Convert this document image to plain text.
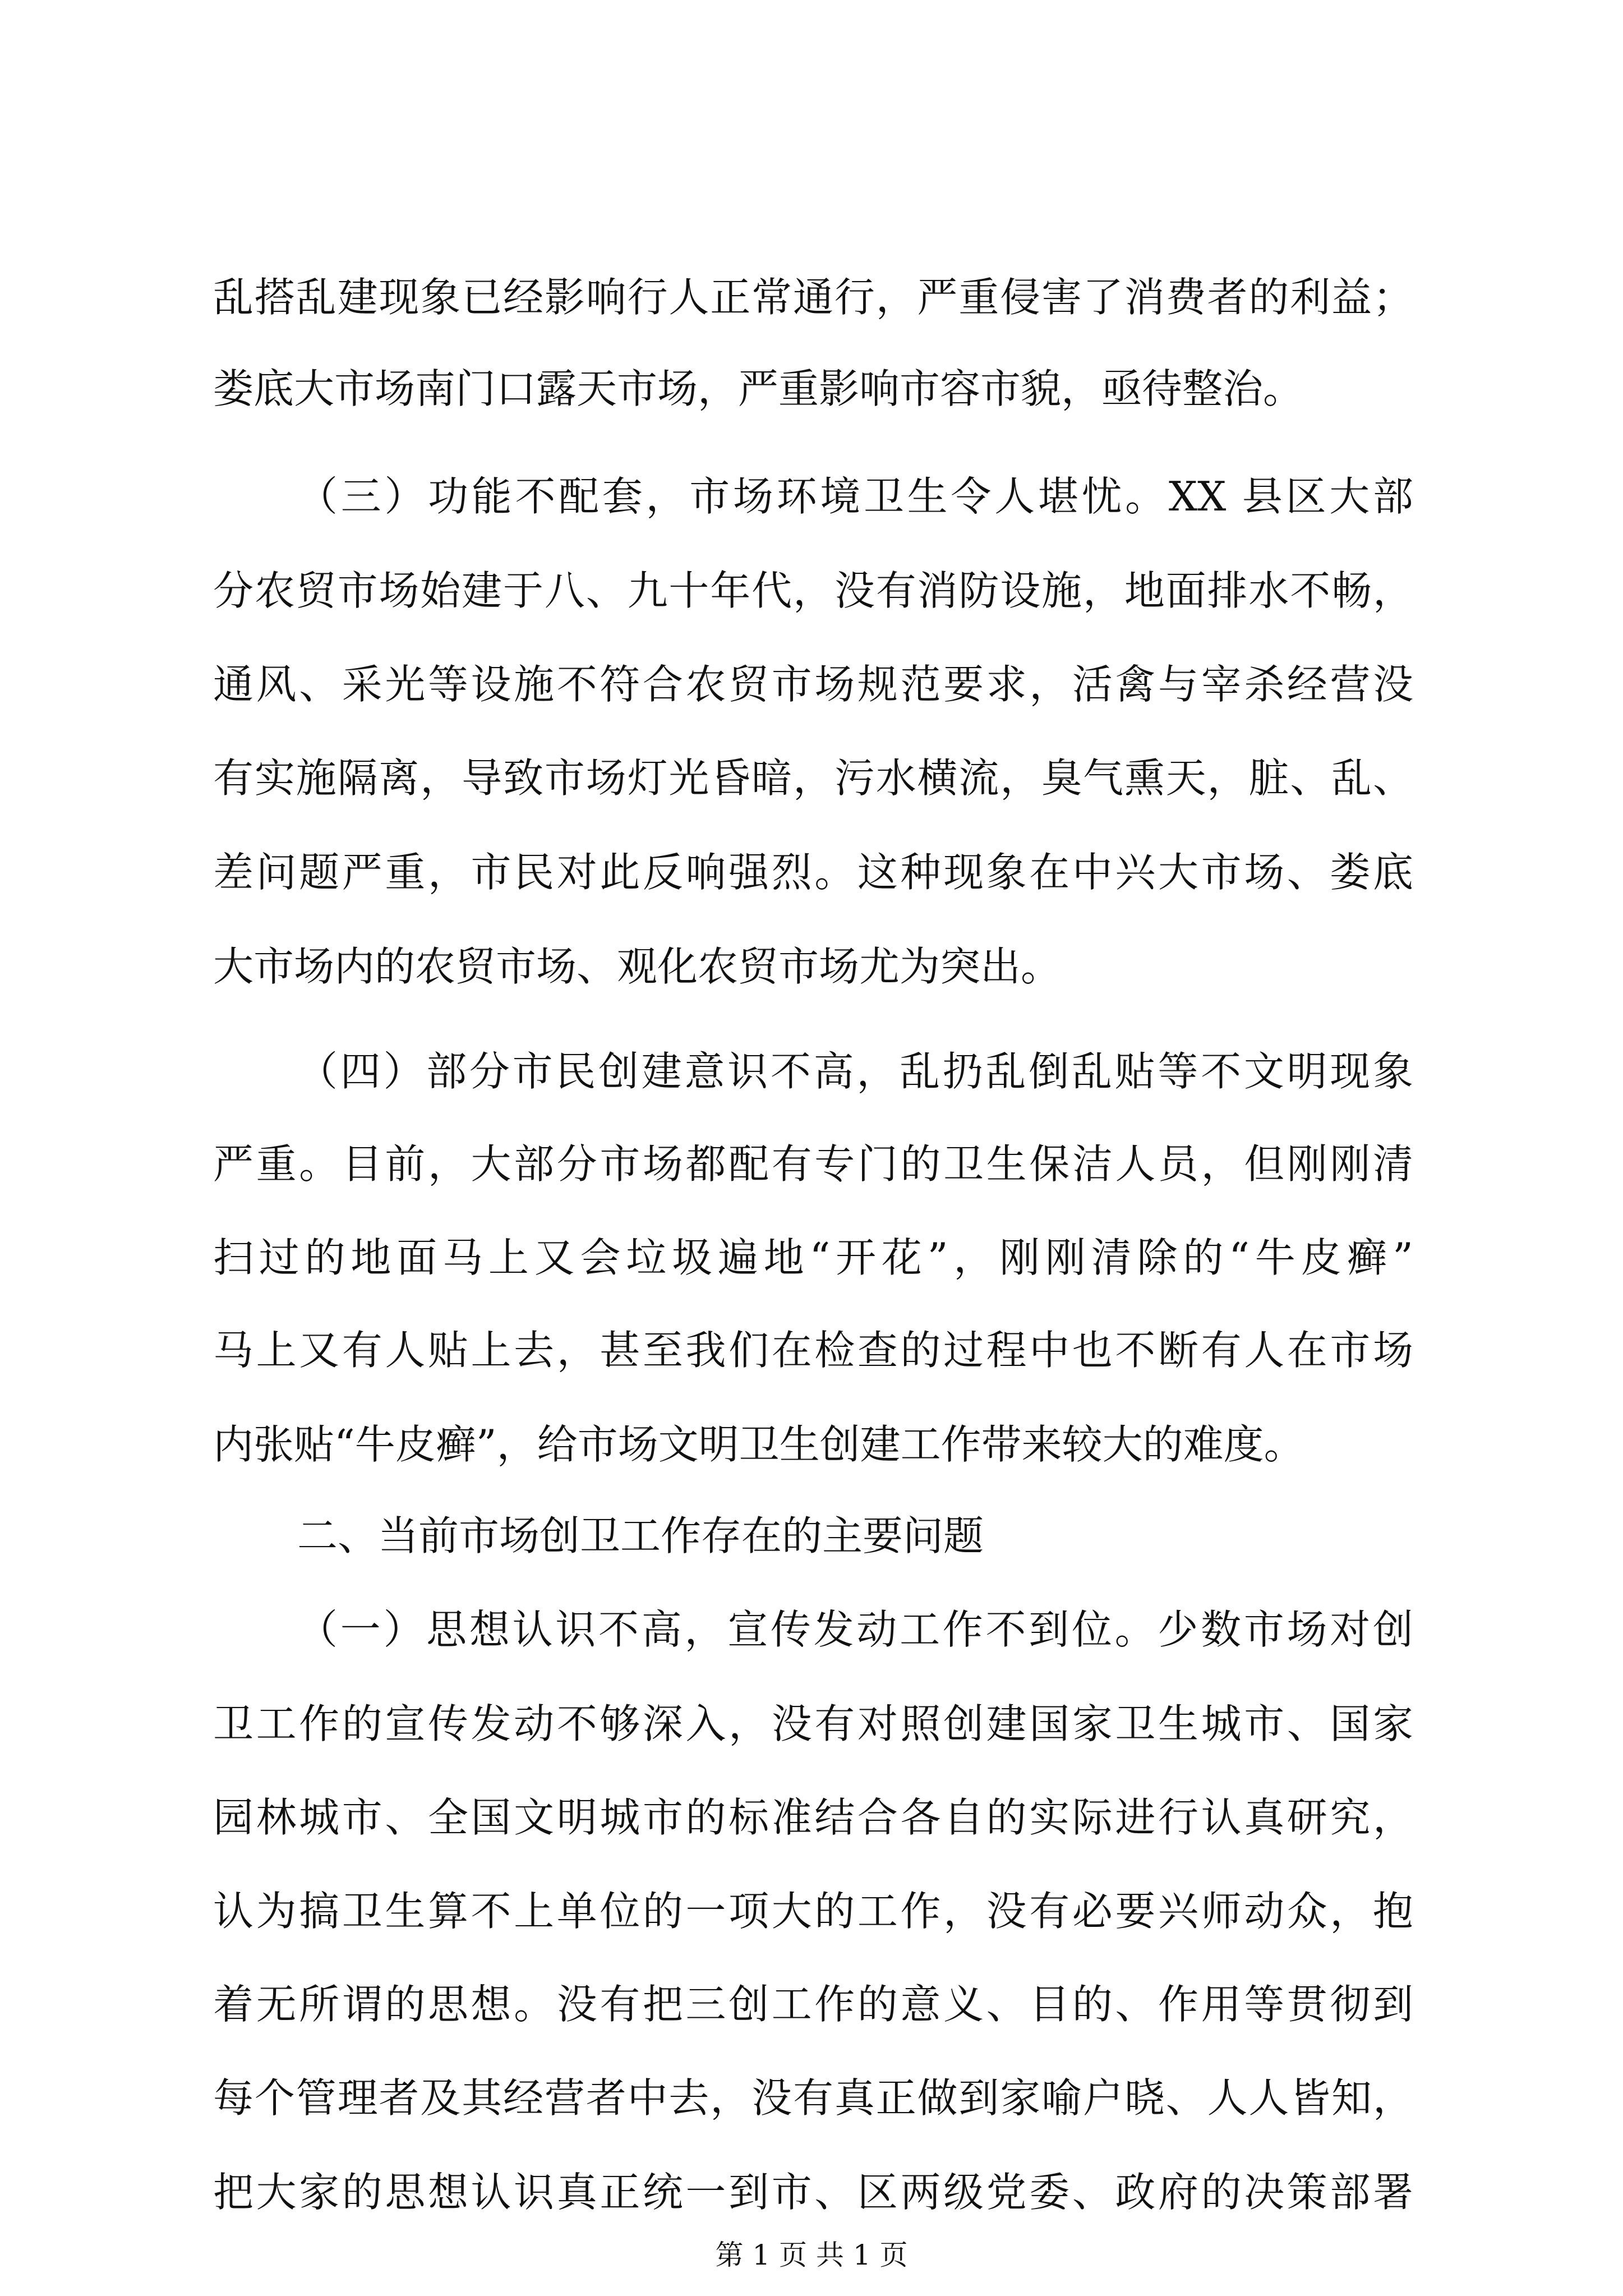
乱搭乱建现象已经影响行人正常通行，严重侵害了消费者的利益；
娄底大市场南门口露天市场，严重影响市容市貌，亟待整治。
（三）功能不配套，市场环境卫生令人堪忧。XX 县区大部
分农贸市场始建于八、九十年代，没有消防设施，地面排水不畅，
通风、采光等设施不符合农贸市场规范要求，活禽与宰杀经营没
有实施隔离，导致市场灯光昏暗，污水横流，臭气熏天，脏、乱、
差问题严重，市民对此反响强烈。这种现象在中兴大市场、娄底
大市场内的农贸市场、观化农贸市场尤为突出。
（四）部分市民创建意识不高，乱扔乱倒乱贴等不文明现象
严重。目前，大部分市场都配有专门的卫生保洁人员，但刚刚清
扫过的地面马上又会垃圾遍地“开花”，刚刚清除的“牛皮癣”
马上又有人贴上去，甚至我们在检查的过程中也不断有人在市场
内张贴“牛皮癣”，给市场文明卫生创建工作带来较大的难度。
二、当前市场创卫工作存在的主要问题
（一）思想认识不高，宣传发动工作不到位。少数市场对创
卫工作的宣传发动不够深入，没有对照创建国家卫生城市、国家
园林城市、全国文明城市的标准结合各自的实际进行认真研究，
认为搞卫生算不上单位的一项大的工作，没有必要兴师动众，抱
着无所谓的思想。没有把三创工作的意义、目的、作用等贯彻到
每个管理者及其经营者中去，没有真正做到家喻户晓、人人皆知，
把大家的思想认识真正统一到市、区两级党委、政府的决策部署
第 1 页 共 1 页
